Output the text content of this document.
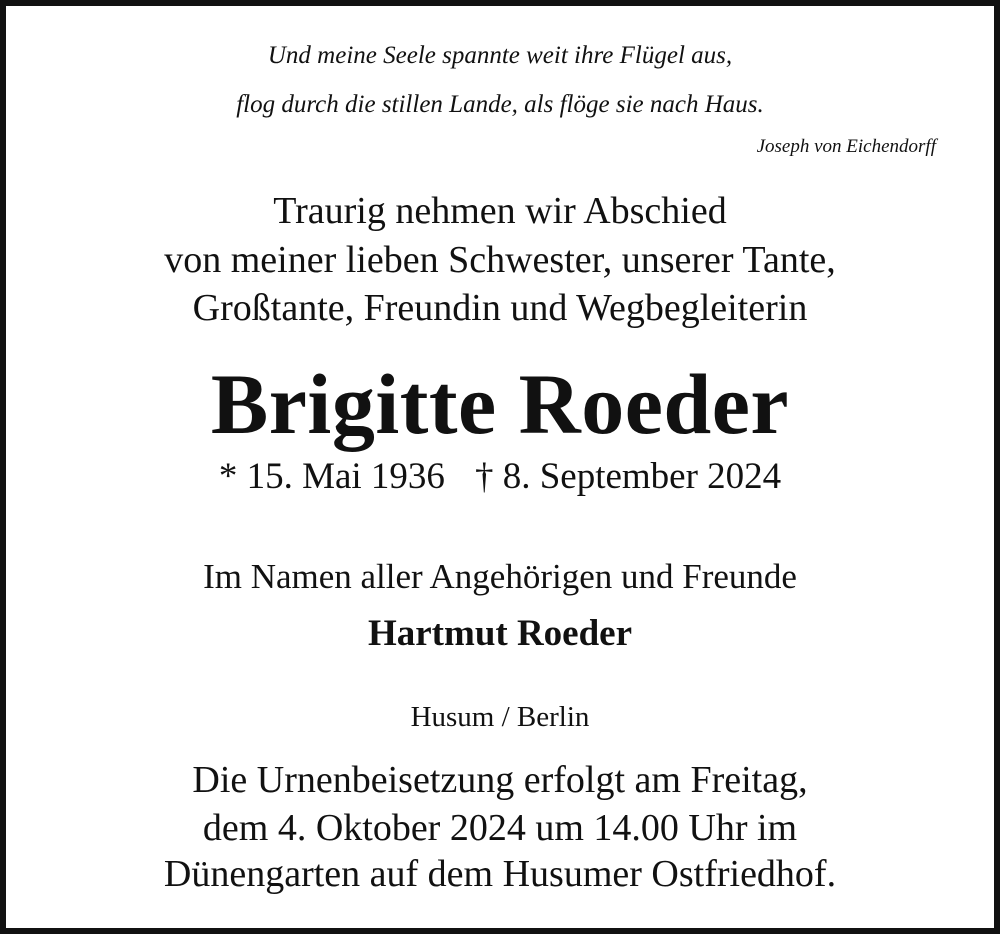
Und meine Seele spannte weit ihre Flügel aus,
flog durch die stillen Lande, als flöge sie nach Haus.
Joseph von Eichendorff
Traurig nehmen wir Abschied
von meiner lieben Schwester, unserer Tante,
Großtante, Freundin und Wegbegleiterin
Brigitte Roeder
* 15. Mai 1936 † 8. September 2024
Im Namen aller Angehörigen und Freunde
Hartmut Roeder
Husum / Berlin
Die Urnenbeisetzung erfolgt am Freitag,
dem 4. Oktober 2024 um 14.00 Uhr im
Dünengarten auf dem Husumer Ostfriedhof.
